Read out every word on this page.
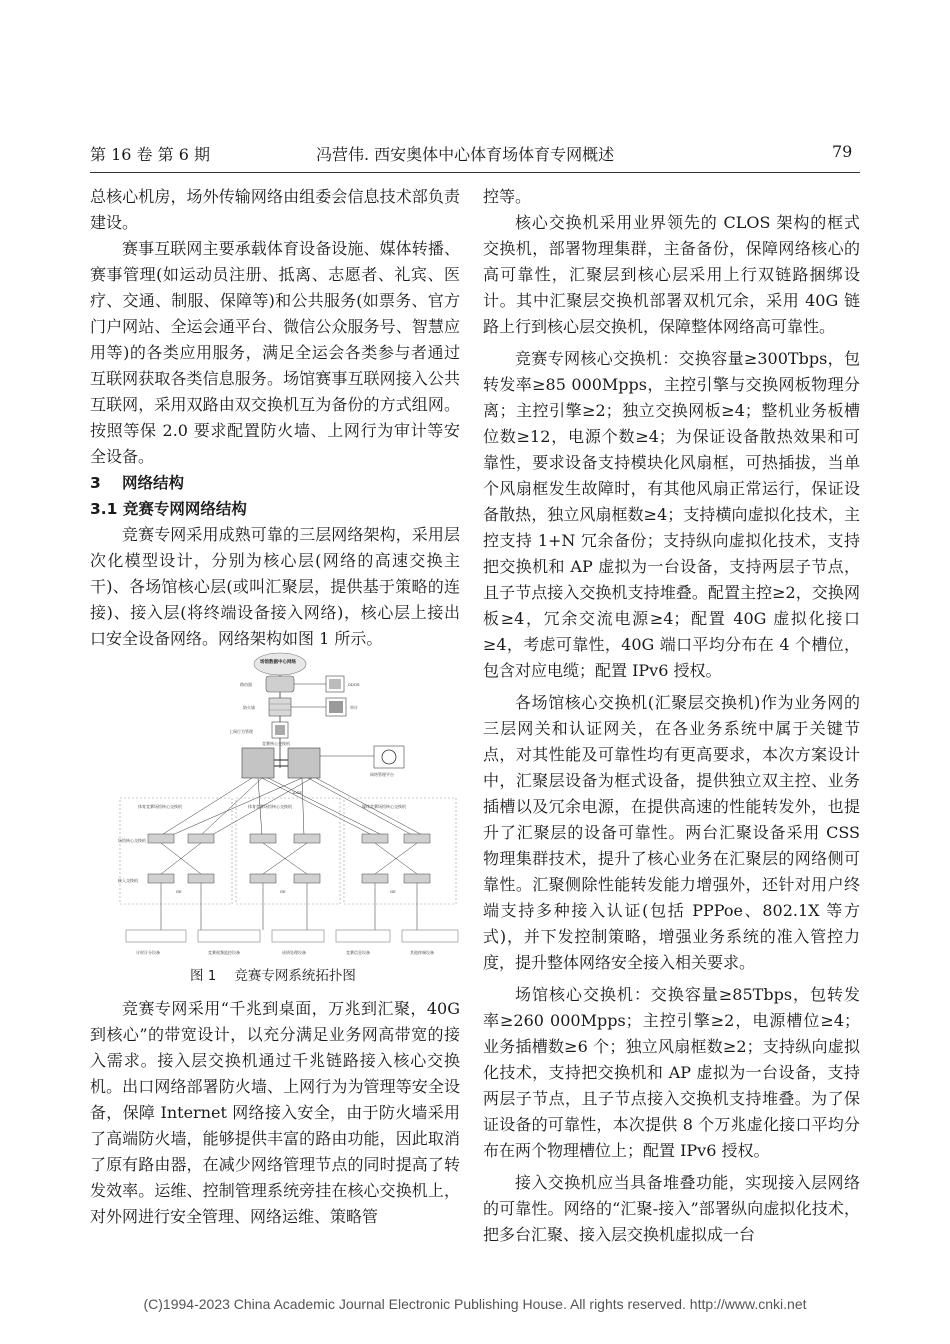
第 16 卷 第 6 期	冯营伟. 西安奥体中心体育场体育专网概述	79

总核心机房，场外传输网络由组委会信息技术部负责建设。

赛事互联网主要承载体育设备设施、媒体转播、赛事管理(如运动员注册、抵离、志愿者、礼宾、医疗、交通、制服、保障等)和公共服务(如票务、官方门户网站、全运会通平台、微信公众服务号、智慧应用等)的各类应用服务，满足全运会各类参与者通过互联网获取各类信息服务。场馆赛事互联网接入公共互联网，采用双路由双交换机互为备份的方式组网。按照等保 2.0 要求配置防火墙、上网行为审计等安全设备。

3 网络结构
3.1 竞赛专网网络结构

竞赛专网采用成熟可靠的三层网络架构，采用层次化模型设计，分别为核心层(网络的高速交换主干)、各场馆核心层(或叫汇聚层，提供基于策略的连接)、接入层(将终端设备接入网络)，核心层上接出口安全设备网络。网络架构如图 1 所示。

场馆数据中心网络
路由器	DDOS
防火墙	审计
上网行为管理
竞赛核心交换机
网络管理平台
10GE
体育竞赛场馆核心交换机	体育竞赛场馆核心交换机	媒体竞赛场馆核心交换机
场馆核心交换机
接入交换机
GE	GE	GE
计时计分设备	竞赛视频监控设备	成绩处理设备	竞赛信息设备	其他终端设备
图 1 竞赛专网系统拓扑图

竞赛专网采用“千兆到桌面，万兆到汇聚，40G到核心”的带宽设计，以充分满足业务网高带宽的接入需求。接入层交换机通过千兆链路接入核心交换机。出口网络部署防火墙、上网行为为管理等安全设备，保障 Internet 网络接入安全，由于防火墙采用了高端防火墙，能够提供丰富的路由功能，因此取消了原有路由器，在减少网络管理节点的同时提高了转发效率。运维、控制管理系统旁挂在核心交换机上，对外网进行安全管理、网络运维、策略管

控等。

核心交换机采用业界领先的 CLOS 架构的框式交换机，部署物理集群，主备备份，保障网络核心的高可靠性，汇聚层到核心层采用上行双链路捆绑设计。其中汇聚层交换机部署双机冗余，采用 40G 链路上行到核心层交换机，保障整体网络高可靠性。

竞赛专网核心交换机：交换容量≥300Tbps，包转发率≥85 000Mpps，主控引擎与交换网板物理分离；主控引擎≥2；独立交换网板≥4；整机业务板槽位数≥12，电源个数≥4；为保证设备散热效果和可靠性，要求设备支持模块化风扇框，可热插拔，当单个风扇框发生故障时，有其他风扇正常运行，保证设备散热，独立风扇框数≥4；支持横向虚拟化技术，主控支持 1+N 冗余备份；支持纵向虚拟化技术，支持把交换机和 AP 虚拟为一台设备，支持两层子节点，且子节点接入交换机支持堆叠。配置主控≥2，交换网板≥4，冗余交流电源≥4；配置 40G 虚拟化接口≥4，考虑可靠性，40G 端口平均分布在 4 个槽位，包含对应电缆；配置 IPv6 授权。

各场馆核心交换机(汇聚层交换机)作为业务网的三层网关和认证网关，在各业务系统中属于关键节点，对其性能及可靠性均有更高要求，本次方案设计中，汇聚层设备为框式设备，提供独立双主控、业务插槽以及冗余电源，在提供高速的性能转发外，也提升了汇聚层的设备可靠性。两台汇聚设备采用 CSS 物理集群技术，提升了核心业务在汇聚层的网络侧可靠性。汇聚侧除性能转发能力增强外，还针对用户终端支持多种接入认证(包括 PPPoe、802.1X 等方式)，并下发控制策略，增强业务系统的准入管控力度，提升整体网络安全接入相关要求。

场馆核心交换机：交换容量≥85Tbps，包转发率≥260 000Mpps；主控引擎≥2，电源槽位≥4；业务插槽数≥6 个；独立风扇框数≥2；支持纵向虚拟化技术，支持把交换机和 AP 虚拟为一台设备，支持两层子节点，且子节点接入交换机支持堆叠。为了保证设备的可靠性，本次提供 8 个万兆虚化接口平均分布在两个物理槽位上；配置 IPv6 授权。

接入交换机应当具备堆叠功能，实现接入层网络的可靠性。网络的“汇聚-接入”部署纵向虚拟化技术，把多台汇聚、接入层交换机虚拟成一台

(C)1994-2023 China Academic Journal Electronic Publishing House. All rights reserved. http://www.cnki.net
